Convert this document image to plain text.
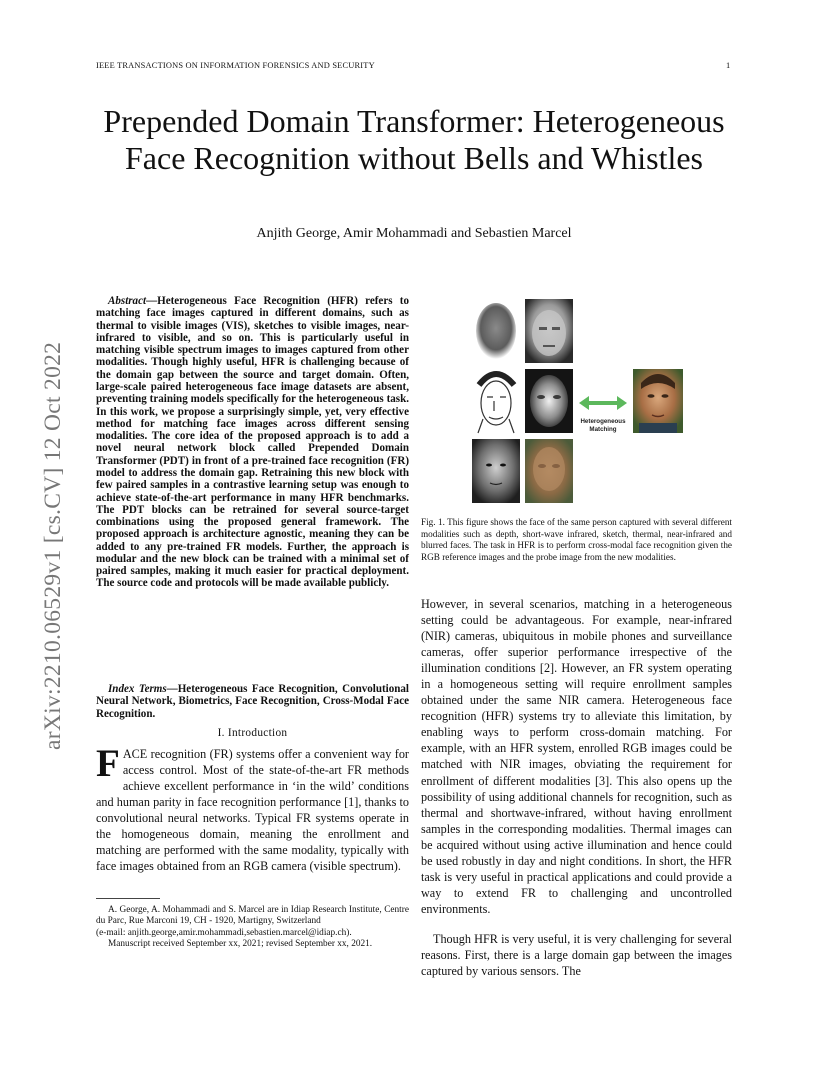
IEEE TRANSACTIONS ON INFORMATION FORENSICS AND SECURITY	1
arXiv:2210.06529v1 [cs.CV] 12 Oct 2022
Prepended Domain Transformer: Heterogeneous Face Recognition without Bells and Whistles
Anjith George, Amir Mohammadi and Sebastien Marcel
Abstract—Heterogeneous Face Recognition (HFR) refers to matching face images captured in different domains, such as thermal to visible images (VIS), sketches to visible images, near-infrared to visible, and so on. This is particularly useful in matching visible spectrum images to images captured from other modalities. Though highly useful, HFR is challenging because of the domain gap between the source and target domain. Often, large-scale paired heterogeneous face image datasets are absent, preventing training models specifically for the heterogeneous task. In this work, we propose a surprisingly simple, yet, very effective method for matching face images across different sensing modalities. The core idea of the proposed approach is to add a novel neural network block called Prepended Domain Transformer (PDT) in front of a pre-trained face recognition (FR) model to address the domain gap. Retraining this new block with few paired samples in a contrastive learning setup was enough to achieve state-of-the-art performance in many HFR benchmarks. The PDT blocks can be retrained for several source-target combinations using the proposed general framework. The proposed approach is architecture agnostic, meaning they can be added to any pre-trained FR models. Further, the approach is modular and the new block can be trained with a minimal set of paired samples, making it much easier for practical deployment. The source code and protocols will be made available publicly.
Index Terms—Heterogeneous Face Recognition, Convolutional Neural Network, Biometrics, Face Recognition, Cross-Modal Face Recognition.
I. Introduction
FACE recognition (FR) systems offer a convenient way for access control. Most of the state-of-the-art FR methods achieve excellent performance in ‘in the wild’ conditions and human parity in face recognition performance [1], thanks to convolutional neural networks. Typical FR systems operate in the homogeneous domain, meaning the enrollment and matching are performed with the same modality, typically with face images obtained from an RGB camera (visible spectrum).

A. George, A. Mohammadi and S. Marcel are in Idiap Research Institute, Centre du Parc, Rue Marconi 19, CH - 1920, Martigny, Switzerland

(e-mail: anjith.george,amir.mohammadi,sebastien.marcel@idiap.ch).

Manuscript received September xx, 2021; revised September xx, 2021.

Heterogeneous
Matching
Fig. 1. This figure shows the face of the same person captured with several different modalities such as depth, short-wave infrared, sketch, thermal, near-infrared and blurred faces. The task in HFR is to perform cross-modal face recognition given the RGB reference images and the probe image from the new modalities.
However, in several scenarios, matching in a heterogeneous setting could be advantageous. For example, near-infrared (NIR) cameras, ubiquitous in mobile phones and surveillance cameras, offer superior performance irrespective of the illumination conditions [2]. However, an FR system operating in a homogeneous setting will require enrollment samples obtained under the same NIR camera. Heterogeneous face recognition (HFR) systems try to alleviate this limitation, by enabling ways to perform cross-domain matching. For example, with an HFR system, enrolled RGB images could be matched with NIR images, obviating the requirement for enrollment of different modalities [3]. This also opens up the possibility of using additional channels for recognition, such as thermal and shortwave-infrared, without having enrollment samples in the corresponding modalities. Thermal images can be acquired without using active illumination and hence could be used robustly in day and night conditions. In short, the HFR task is very useful in practical applications and could provide a way to extend FR to challenging and uncontrolled environments.
Though HFR is very useful, it is very challenging for several reasons. First, there is a large domain gap between the images captured by various sensors. The
